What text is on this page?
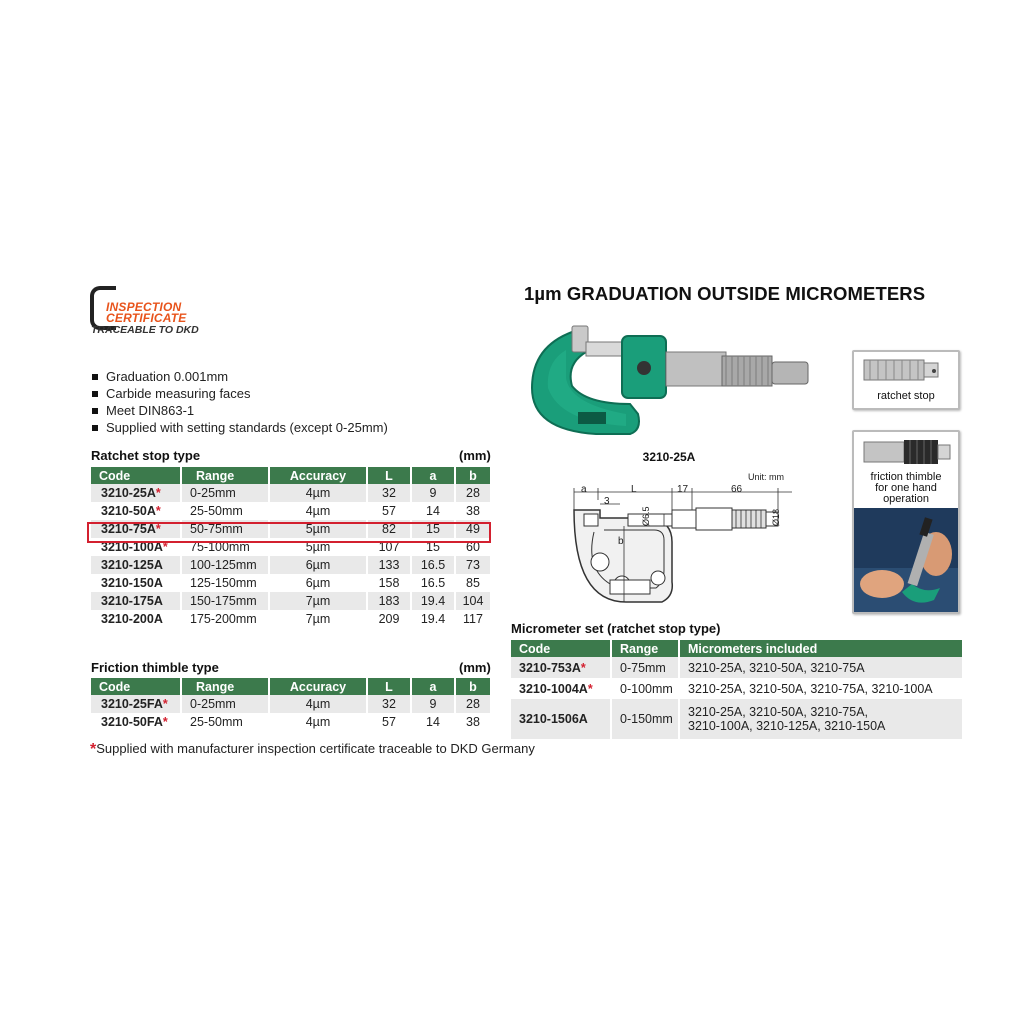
INSPECTION
CERTIFICATE
TRACEABLE TO DKD
1µm GRADUATION OUTSIDE MICROMETERS
Graduation 0.001mm
Carbide measuring faces
Meet DIN863-1
Supplied with setting standards (except 0-25mm)
Ratchet stop type	(mm)
Code	Range	Accuracy	L	a	b
3210-25A*	0-25mm	4µm	32	9	28
3210-50A*	25-50mm	4µm	57	14	38
3210-75A*	50-75mm	5µm	82	15	49
3210-100A*	75-100mm	5µm	107	15	60
3210-125A	100-125mm	6µm	133	16.5	73
3210-150A	125-150mm	6µm	158	16.5	85
3210-175A	150-175mm	7µm	183	19.4	104
3210-200A	175-200mm	7µm	209	19.4	117
Friction thimble type	(mm)
Code	Range	Accuracy	L	a	b
3210-25FA*	0-25mm	4µm	32	9	28
3210-50FA*	25-50mm	4µm	57	14	38
*Supplied with manufacturer inspection certificate traceable to DKD Germany
3210-25A
Unit: mm
a	L	17	66
3
b
Ø6.5	Ø18
ratchet stop
friction thimble
for one hand
operation
Micrometer set (ratchet stop type)
Code	Range	Micrometers included
3210-753A*	0-75mm	3210-25A, 3210-50A, 3210-75A

3210-1004A*	0-100mm	3210-25A, 3210-50A, 3210-75A, 3210-100A

3210-1506A	0-150mm	3210-25A, 3210-50A, 3210-75A,
3210-100A, 3210-125A, 3210-150A
